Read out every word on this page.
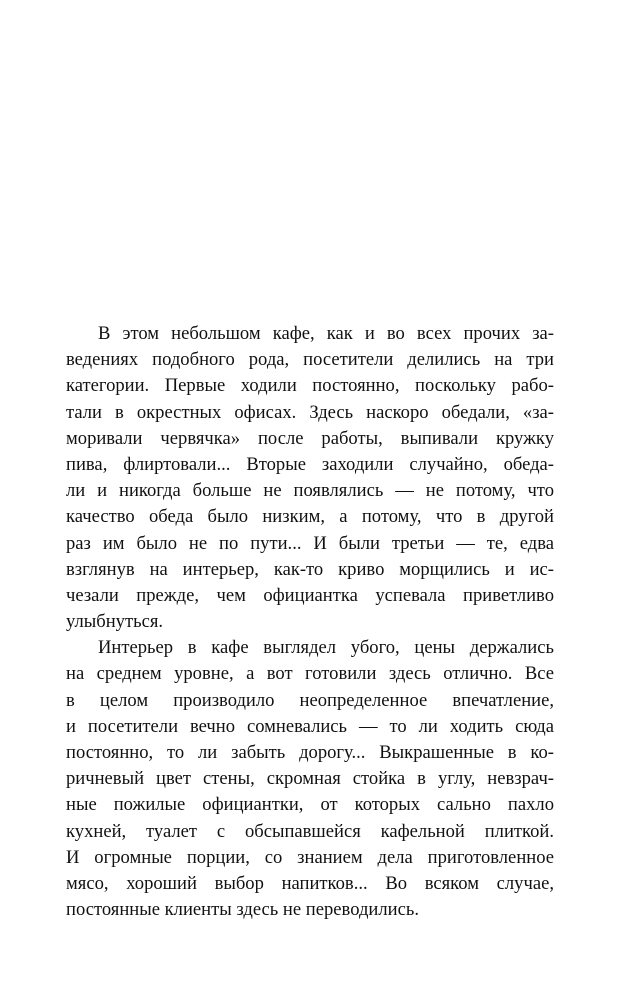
В этом небольшом кафе, как и во всех прочих за-
ведениях подобного рода, посетители делились на три
категории. Первые ходили постоянно, поскольку рабо-
тали в окрестных офисах. Здесь наскоро обедали, «за-
моривали червячка» после работы, выпивали кружку
пива, флиртовали... Вторые заходили случайно, обеда-
ли и никогда больше не появлялись — не потому, что
качество обеда было низким, а потому, что в другой
раз им было не по пути... И были третьи — те, едва
взглянув на интерьер, как-то криво морщились и ис-
чезали прежде, чем официантка успевала приветливо
улыбнуться.
Интерьер в кафе выглядел убого, цены держались
на среднем уровне, а вот готовили здесь отлично. Все
в целом производило неопределенное впечатление,
и посетители вечно сомневались — то ли ходить сюда
постоянно, то ли забыть дорогу... Выкрашенные в ко-
ричневый цвет стены, скромная стойка в углу, невзрач-
ные пожилые официантки, от которых сально пахло
кухней, туалет с обсыпавшейся кафельной плиткой.
И огромные порции, со знанием дела приготовленное
мясо, хороший выбор напитков... Во всяком случае,
постоянные клиенты здесь не переводились.
